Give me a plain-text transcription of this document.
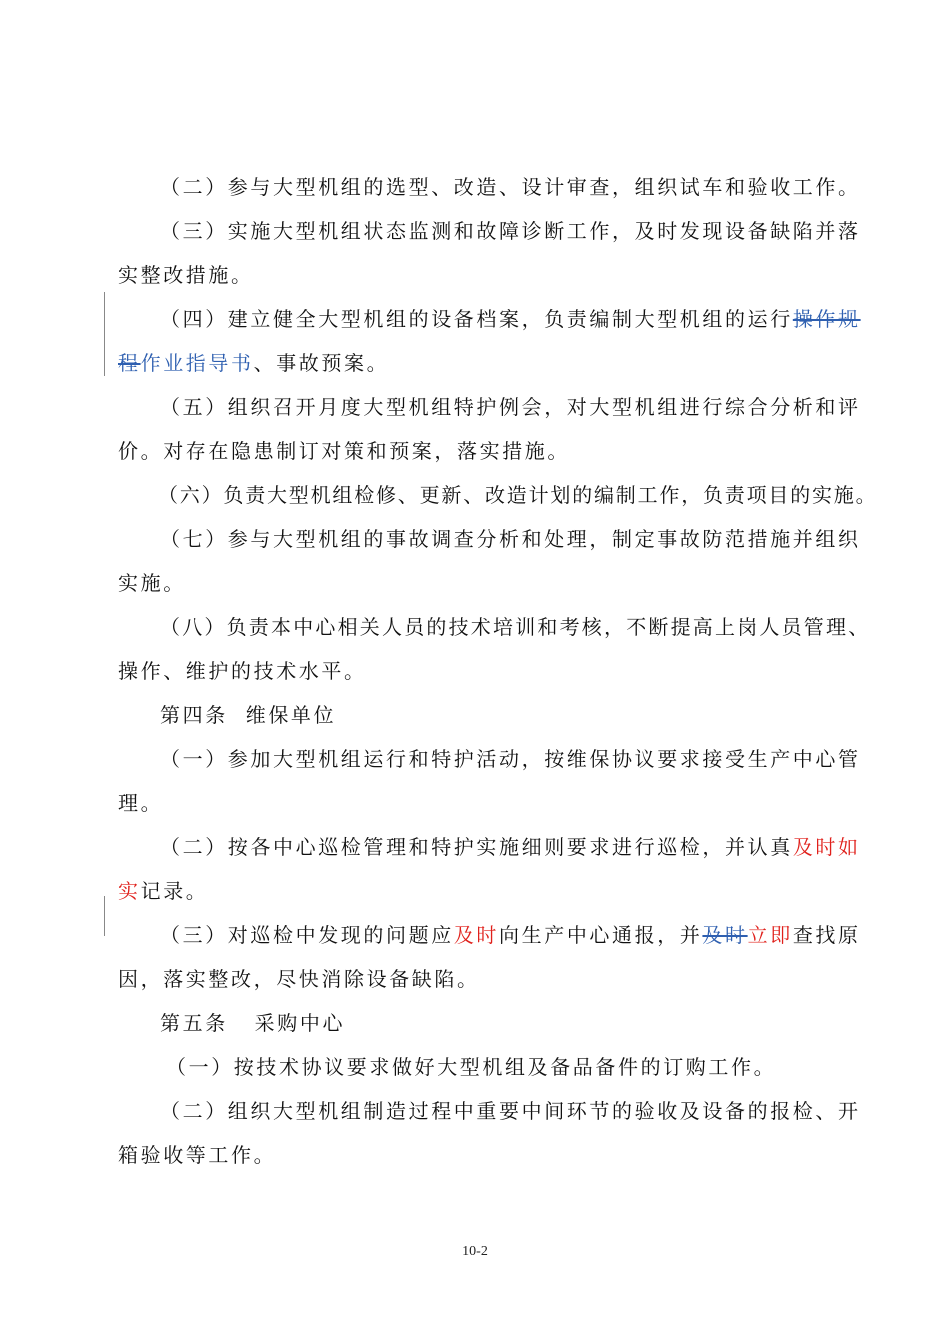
（二）参与大型机组的选型、改造、设计审查，组织试车和验收工作。
（三）实施大型机组状态监测和故障诊断工作，及时发现设备缺陷并落
实整改措施。
（四）建立健全大型机组的设备档案，负责编制大型机组的运行操作规
程作业指导书、事故预案。
（五）组织召开月度大型机组特护例会，对大型机组进行综合分析和评
价。对存在隐患制订对策和预案，落实措施。
（六）负责大型机组检修、更新、改造计划的编制工作，负责项目的实施。
（七）参与大型机组的事故调查分析和处理，制定事故防范措施并组织
实施。
（八）负责本中心相关人员的技术培训和考核，不断提高上岗人员管理、
操作、维护的技术水平。
第四条  维保单位
（一）参加大型机组运行和特护活动，按维保协议要求接受生产中心管
理。
（二）按各中心巡检管理和特护实施细则要求进行巡检，并认真及时如
实记录。
（三）对巡检中发现的问题应及时向生产中心通报，并及时立即查找原
因，落实整改，尽快消除设备缺陷。
第五条   采购中心
（一）按技术协议要求做好大型机组及备品备件的订购工作。
（二）组织大型机组制造过程中重要中间环节的验收及设备的报检、开
箱验收等工作。
10-2
